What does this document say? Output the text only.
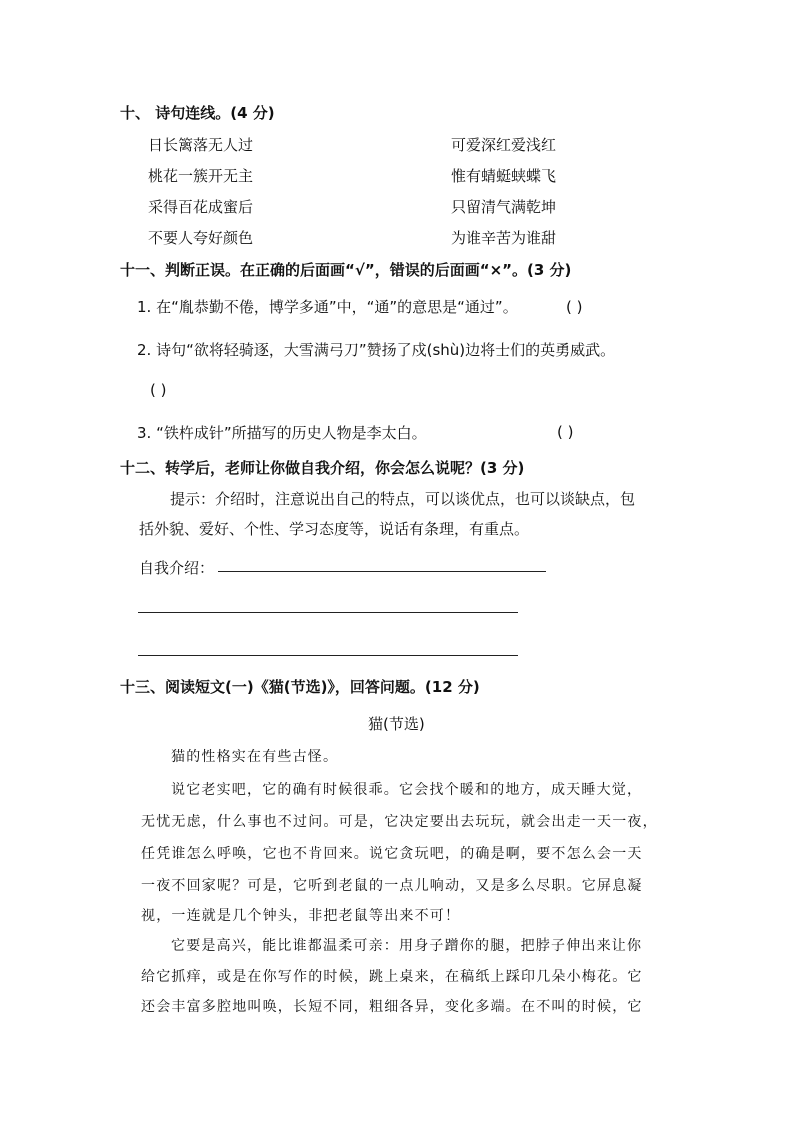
十、 诗句连线。(4 分)
日长篱落无人过
桃花一簇开无主
采得百花成蜜后
不要人夸好颜色
可爱深红爱浅红
惟有蜻蜓蛱蝶飞
只留清气满乾坤
为谁辛苦为谁甜
十一、判断正误。在正确的后面画“√”，错误的后面画“×”。(3 分)
1. 在“胤恭勤不倦，博学多通”中，“通”的意思是“通过”。	( )
2. 诗句“欲将轻骑逐，大雪满弓刀”赞扬了戍(shù)边将士们的英勇威武。
( )
3. “铁杵成针”所描写的历史人物是李太白。	( )
十二、转学后，老师让你做自我介绍，你会怎么说呢？(3 分)
提示：介绍时，注意说出自己的特点，可以谈优点，也可以谈缺点，包
括外貌、爱好、个性、学习态度等，说话有条理，有重点。
自我介绍：
十三、阅读短文(一)《猫(节选)》，回答问题。(12 分)
猫(节选)
猫的性格实在有些古怪。
说它老实吧，它的确有时候很乖。它会找个暖和的地方，成天睡大觉，
无忧无虑，什么事也不过问。可是，它决定要出去玩玩，就会出走一天一夜，
任凭谁怎么呼唤，它也不肯回来。说它贪玩吧，的确是啊，要不怎么会一天
一夜不回家呢？可是，它听到老鼠的一点儿响动，又是多么尽职。它屏息凝
视，一连就是几个钟头，非把老鼠等出来不可！
它要是高兴，能比谁都温柔可亲：用身子蹭你的腿，把脖子伸出来让你
给它抓痒，或是在你写作的时候，跳上桌来，在稿纸上踩印几朵小梅花。它
还会丰富多腔地叫唤，长短不同，粗细各异，变化多端。在不叫的时候，它
